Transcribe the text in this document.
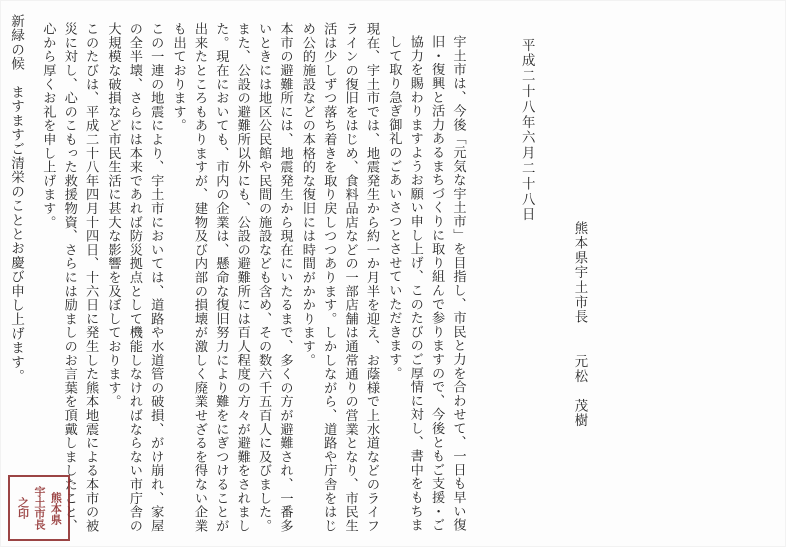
新緑の候　ますますご清栄のこととお慶び申し上げます。	このたびは、平成二十八年四月十四日、十六日に発生した熊本地震による本市の被災に対し、心のこもった救援物資、さらには励ましのお言葉を頂戴しましたこと、心から厚くお礼を申し上げます。	この一連の地震により、宇土市においては、道路や水道管の破損、がけ崩れ、家屋の全半壊、さらには本来であれば防災拠点として機能しなければならない市庁舎の大規模な破損など市民生活に甚大な影響を及ぼしております。	本市の避難所には、地震発生から現在にいたるまで、多くの方が避難され、一番多いときには地区公民館や民間の施設なども含め、その数六千五百人に及びました。また、公設の避難所以外にも、公設の避難所には百人程度の方々が避難をされました。現在においても、市内の企業は、懸命な復旧努力により難をにぎつけることが出来たところもありますが、建物及び内部の損壊が激しく廃業せざるを得ない企業も出ております。	現在、宇土市では、地震発生から約一か月半を迎え、お蔭様で上水道などのライフラインの復旧をはじめ、食料品店などの一部店舗は通常通りの営業となり、市民生活は少しずつ落ち着きを取り戻しつつあります。しかしながら、道路や庁舎をはじめ公的施設などの本格的な復旧には時間がかかります。	宇土市は、今後「元気な宇土市」を目指し、市民と力を合わせて、一日も早い復旧・復興と活力あるまちづくりに取り組んで参りますので、今後ともご支援・ご協力を賜わりますようお願い申し上げ、このたびのご厚情に対し、書中をもちまして取り急ぎ御礼のごあいさつとさせていただきます。	平成二十八年六月二十八日
熊本県宇土市長　　元松　茂樹
熊本県
宇土市長
之印
